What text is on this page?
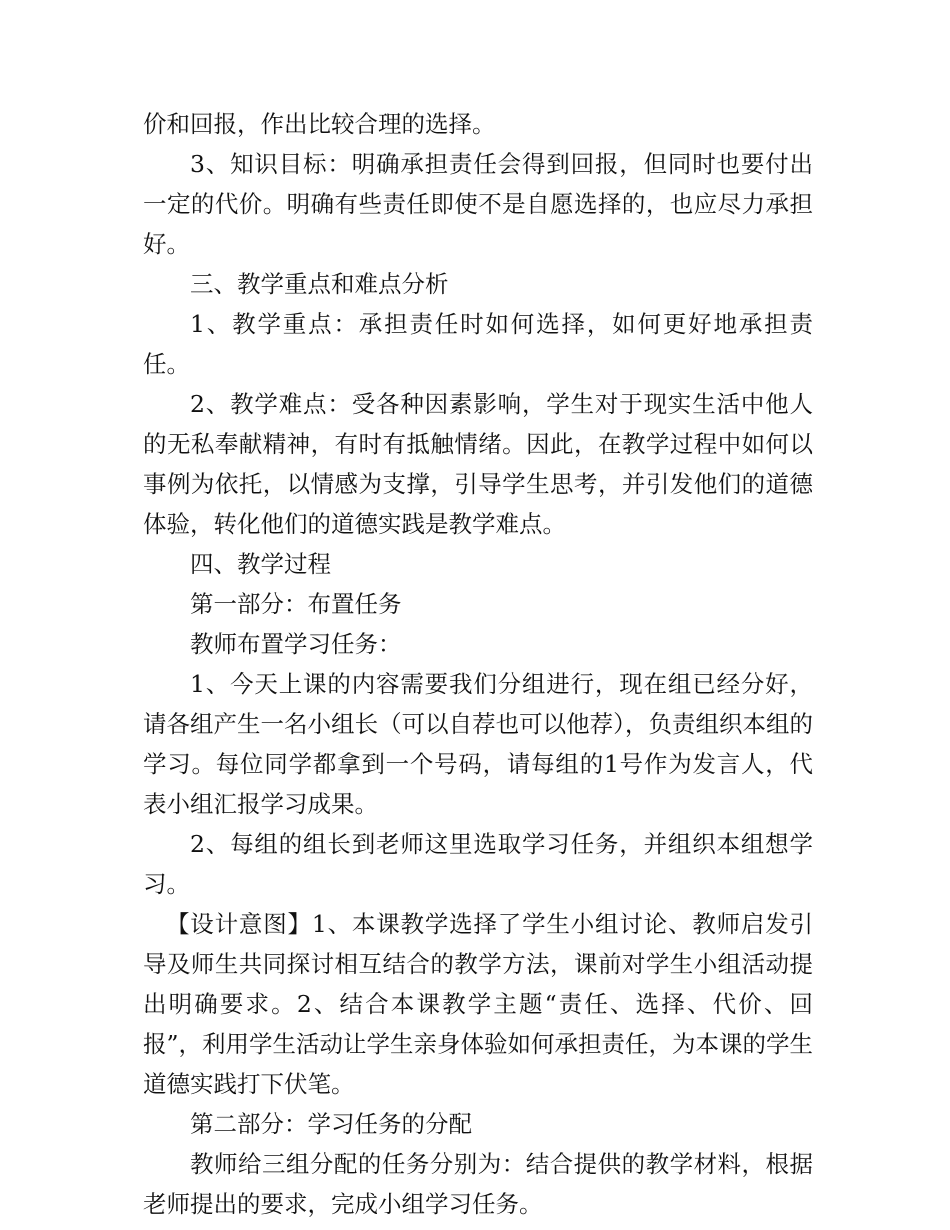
价和回报，作出比较合理的选择。

3、知识目标：明确承担责任会得到回报，但同时也要付出一定的代价。明确有些责任即使不是自愿选择的，也应尽力承担好。

三、教学重点和难点分析

1、教学重点：承担责任时如何选择，如何更好地承担责任。

2、教学难点：受各种因素影响，学生对于现实生活中他人的无私奉献精神，有时有抵触情绪。因此，在教学过程中如何以事例为依托，以情感为支撑，引导学生思考，并引发他们的道德体验，转化他们的道德实践是教学难点。

四、教学过程

第一部分：布置任务

教师布置学习任务：

1、今天上课的内容需要我们分组进行，现在组已经分好，请各组产生一名小组长（可以自荐也可以他荐），负责组织本组的学习。每位同学都拿到一个号码，请每组的1号作为发言人，代表小组汇报学习成果。

2、每组的组长到老师这里选取学习任务，并组织本组想学习。

【设计意图】1、本课教学选择了学生小组讨论、教师启发引导及师生共同探讨相互结合的教学方法，课前对学生小组活动提出明确要求。2、结合本课教学主题“责任、选择、代价、回报”，利用学生活动让学生亲身体验如何承担责任，为本课的学生道德实践打下伏笔。

第二部分：学习任务的分配

教师给三组分配的任务分别为：结合提供的教学材料，根据老师提出的要求，完成小组学习任务。
